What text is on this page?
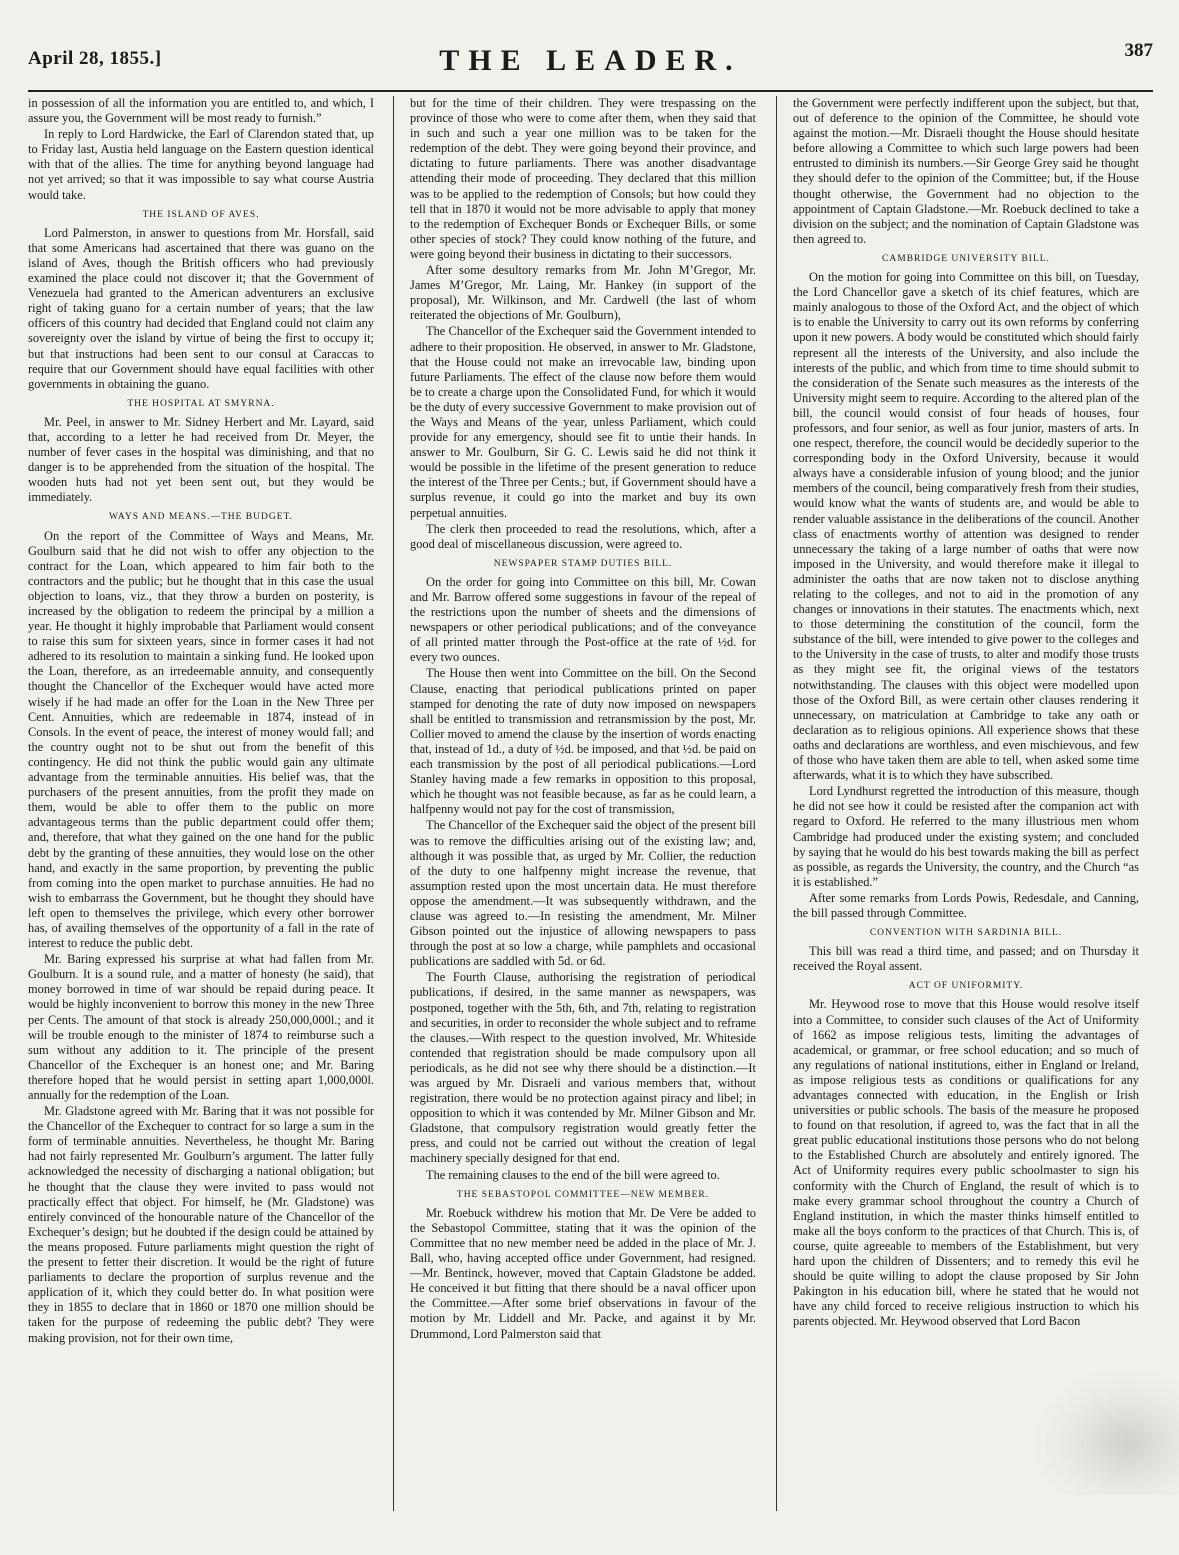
April 28, 1855.]	THE LEADER.	387

in possession of all the information you are entitled to, and which, I assure you, the Government will be most ready to furnish.”

In reply to Lord Hardwicke, the Earl of Clarendon stated that, up to Friday last, Austia held language on the Eastern question identical with that of the allies. The time for anything beyond language had not yet arrived; so that it was impossible to say what course Austria would take.

THE ISLAND OF AVES.

Lord Palmerston, in answer to questions from Mr. Horsfall, said that some Americans had ascertained that there was guano on the island of Aves, though the British officers who had previously examined the place could not discover it; that the Government of Venezuela had granted to the American adventurers an exclusive right of taking guano for a certain number of years; that the law officers of this country had decided that England could not claim any sovereignty over the island by virtue of being the first to occupy it; but that instructions had been sent to our consul at Caraccas to require that our Government should have equal facilities with other governments in obtaining the guano.

THE HOSPITAL AT SMYRNA.

Mr. Peel, in answer to Mr. Sidney Herbert and Mr. Layard, said that, according to a letter he had received from Dr. Meyer, the number of fever cases in the hospital was diminishing, and that no danger is to be apprehended from the situation of the hospital. The wooden huts had not yet been sent out, but they would be immediately.

WAYS AND MEANS.—THE BUDGET.

On the report of the Committee of Ways and Means, Mr. Goulburn said that he did not wish to offer any objection to the contract for the Loan, which appeared to him fair both to the contractors and the public; but he thought that in this case the usual objection to loans, viz., that they throw a burden on posterity, is increased by the obligation to redeem the principal by a million a year. He thought it highly improbable that Parliament would consent to raise this sum for sixteen years, since in former cases it had not adhered to its resolution to maintain a sinking fund. He looked upon the Loan, therefore, as an irredeemable annuity, and consequently thought the Chancellor of the Exchequer would have acted more wisely if he had made an offer for the Loan in the New Three per Cent. Annuities, which are redeemable in 1874, instead of in Consols. In the event of peace, the interest of money would fall; and the country ought not to be shut out from the benefit of this contingency. He did not think the public would gain any ultimate advantage from the terminable annuities. His belief was, that the purchasers of the present annuities, from the profit they made on them, would be able to offer them to the public on more advantageous terms than the public department could offer them; and, therefore, that what they gained on the one hand for the public debt by the granting of these annuities, they would lose on the other hand, and exactly in the same proportion, by preventing the public from coming into the open market to purchase annuities. He had no wish to embarrass the Government, but he thought they should have left open to themselves the privilege, which every other borrower has, of availing themselves of the opportunity of a fall in the rate of interest to reduce the public debt.

Mr. Baring expressed his surprise at what had fallen from Mr. Goulburn. It is a sound rule, and a matter of honesty (he said), that money borrowed in time of war should be repaid during peace. It would be highly inconvenient to borrow this money in the new Three per Cents. The amount of that stock is already 250,000,000l.; and it will be trouble enough to the minister of 1874 to reimburse such a sum without any addition to it. The principle of the present Chancellor of the Exchequer is an honest one; and Mr. Baring therefore hoped that he would persist in setting apart 1,000,000l. annually for the redemption of the Loan.

Mr. Gladstone agreed with Mr. Baring that it was not possible for the Chancellor of the Exchequer to contract for so large a sum in the form of terminable annuities. Nevertheless, he thought Mr. Baring had not fairly represented Mr. Goulburn’s argument. The latter fully acknowledged the necessity of discharging a national obligation; but he thought that the clause they were invited to pass would not practically effect that object. For himself, he (Mr. Gladstone) was entirely convinced of the honourable nature of the Chancellor of the Exchequer’s design; but he doubted if the design could be attained by the means proposed. Future parliaments might question the right of the present to fetter their discretion. It would be the right of future parliaments to declare the proportion of surplus revenue and the application of it, which they could better do. In what position were they in 1855 to declare that in 1860 or 1870 one million should be taken for the purpose of redeeming the public debt? They were making provision, not for their own time,

but for the time of their children. They were trespassing on the province of those who were to come after them, when they said that in such and such a year one million was to be taken for the redemption of the debt. They were going beyond their province, and dictating to future parliaments. There was another disadvantage attending their mode of proceeding. They declared that this million was to be applied to the redemption of Consols; but how could they tell that in 1870 it would not be more advisable to apply that money to the redemption of Exchequer Bonds or Exchequer Bills, or some other species of stock? They could know nothing of the future, and were going beyond their business in dictating to their successors.

After some desultory remarks from Mr. John M’Gregor, Mr. James M’Gregor, Mr. Laing, Mr. Hankey (in support of the proposal), Mr. Wilkinson, and Mr. Cardwell (the last of whom reiterated the objections of Mr. Goulburn),

The Chancellor of the Exchequer said the Government intended to adhere to their proposition. He observed, in answer to Mr. Gladstone, that the House could not make an irrevocable law, binding upon future Parliaments. The effect of the clause now before them would be to create a charge upon the Consolidated Fund, for which it would be the duty of every successive Government to make provision out of the Ways and Means of the year, unless Parliament, which could provide for any emergency, should see fit to untie their hands. In answer to Mr. Goulburn, Sir G. C. Lewis said he did not think it would be possible in the lifetime of the present generation to reduce the interest of the Three per Cents.; but, if Government should have a surplus revenue, it could go into the market and buy its own perpetual annuities.

The clerk then proceeded to read the resolutions, which, after a good deal of miscellaneous discussion, were agreed to.

NEWSPAPER STAMP DUTIES BILL.

On the order for going into Committee on this bill, Mr. Cowan and Mr. Barrow offered some suggestions in favour of the repeal of the restrictions upon the number of sheets and the dimensions of newspapers or other periodical publications; and of the conveyance of all printed matter through the Post-office at the rate of ½d. for every two ounces.

The House then went into Committee on the bill. On the Second Clause, enacting that periodical publications printed on paper stamped for denoting the rate of duty now imposed on newspapers shall be entitled to transmission and retransmission by the post, Mr. Collier moved to amend the clause by the insertion of words enacting that, instead of 1d., a duty of ½d. be imposed, and that ½d. be paid on each transmission by the post of all periodical publications.—Lord Stanley having made a few remarks in opposition to this proposal, which he thought was not feasible because, as far as he could learn, a halfpenny would not pay for the cost of transmission,

The Chancellor of the Exchequer said the object of the present bill was to remove the difficulties arising out of the existing law; and, although it was possible that, as urged by Mr. Collier, the reduction of the duty to one halfpenny might increase the revenue, that assumption rested upon the most uncertain data. He must therefore oppose the amendment.—It was subsequently withdrawn, and the clause was agreed to.—In resisting the amendment, Mr. Milner Gibson pointed out the injustice of allowing newspapers to pass through the post at so low a charge, while pamphlets and occasional publications are saddled with 5d. or 6d.

The Fourth Clause, authorising the registration of periodical publications, if desired, in the same manner as newspapers, was postponed, together with the 5th, 6th, and 7th, relating to registration and securities, in order to reconsider the whole subject and to reframe the clauses.—With respect to the question involved, Mr. Whiteside contended that registration should be made compulsory upon all periodicals, as he did not see why there should be a distinction.—It was argued by Mr. Disraeli and various members that, without registration, there would be no protection against piracy and libel; in opposition to which it was contended by Mr. Milner Gibson and Mr. Gladstone, that compulsory registration would greatly fetter the press, and could not be carried out without the creation of legal machinery specially designed for that end.

The remaining clauses to the end of the bill were agreed to.

THE SEBASTOPOL COMMITTEE—NEW MEMBER.

Mr. Roebuck withdrew his motion that Mr. De Vere be added to the Sebastopol Committee, stating that it was the opinion of the Committee that no new member need be added in the place of Mr. J. Ball, who, having accepted office under Government, had resigned.—Mr. Bentinck, however, moved that Captain Gladstone be added. He conceived it but fitting that there should be a naval officer upon the Committee.—After some brief observations in favour of the motion by Mr. Liddell and Mr. Packe, and against it by Mr. Drummond, Lord Palmerston said that

the Government were perfectly indifferent upon the subject, but that, out of deference to the opinion of the Committee, he should vote against the motion.—Mr. Disraeli thought the House should hesitate before allowing a Committee to which such large powers had been entrusted to diminish its numbers.—Sir George Grey said he thought they should defer to the opinion of the Committee; but, if the House thought otherwise, the Government had no objection to the appointment of Captain Gladstone.—Mr. Roebuck declined to take a division on the subject; and the nomination of Captain Gladstone was then agreed to.

CAMBRIDGE UNIVERSITY BILL.

On the motion for going into Committee on this bill, on Tuesday, the Lord Chancellor gave a sketch of its chief features, which are mainly analogous to those of the Oxford Act, and the object of which is to enable the University to carry out its own reforms by conferring upon it new powers. A body would be constituted which should fairly represent all the interests of the University, and also include the interests of the public, and which from time to time should submit to the consideration of the Senate such measures as the interests of the University might seem to require. According to the altered plan of the bill, the council would consist of four heads of houses, four professors, and four senior, as well as four junior, masters of arts. In one respect, therefore, the council would be decidedly superior to the corresponding body in the Oxford University, because it would always have a considerable infusion of young blood; and the junior members of the council, being comparatively fresh from their studies, would know what the wants of students are, and would be able to render valuable assistance in the deliberations of the council. Another class of enactments worthy of attention was designed to render unnecessary the taking of a large number of oaths that were now imposed in the University, and would therefore make it illegal to administer the oaths that are now taken not to disclose anything relating to the colleges, and not to aid in the promotion of any changes or innovations in their statutes. The enactments which, next to those determining the constitution of the council, form the substance of the bill, were intended to give power to the colleges and to the University in the case of trusts, to alter and modify those trusts as they might see fit, the original views of the testators notwithstanding. The clauses with this object were modelled upon those of the Oxford Bill, as were certain other clauses rendering it unnecessary, on matriculation at Cambridge to take any oath or declaration as to religious opinions. All experience shows that these oaths and declarations are worthless, and even mischievous, and few of those who have taken them are able to tell, when asked some time afterwards, what it is to which they have subscribed.

Lord Lyndhurst regretted the introduction of this measure, though he did not see how it could be resisted after the companion act with regard to Oxford. He referred to the many illustrious men whom Cambridge had produced under the existing system; and concluded by saying that he would do his best towards making the bill as perfect as possible, as regards the University, the country, and the Church “as it is established.”

After some remarks from Lords Powis, Redesdale, and Canning, the bill passed through Committee.

CONVENTION WITH SARDINIA BILL.

This bill was read a third time, and passed; and on Thursday it received the Royal assent.

ACT OF UNIFORMITY.

Mr. Heywood rose to move that this House would resolve itself into a Committee, to consider such clauses of the Act of Uniformity of 1662 as impose religious tests, limiting the advantages of academical, or grammar, or free school education; and so much of any regulations of national institutions, either in England or Ireland, as impose religious tests as conditions or qualifications for any advantages connected with education, in the English or Irish universities or public schools. The basis of the measure he proposed to found on that resolution, if agreed to, was the fact that in all the great public educational institutions those persons who do not belong to the Established Church are absolutely and entirely ignored. The Act of Uniformity requires every public schoolmaster to sign his conformity with the Church of England, the result of which is to make every grammar school throughout the country a Church of England institution, in which the master thinks himself entitled to make all the boys conform to the practices of that Church. This is, of course, quite agreeable to members of the Establishment, but very hard upon the children of Dissenters; and to remedy this evil he should be quite willing to adopt the clause proposed by Sir John Pakington in his education bill, where he stated that he would not have any child forced to receive religious instruction to which his parents objected. Mr. Heywood observed that Lord Bacon
